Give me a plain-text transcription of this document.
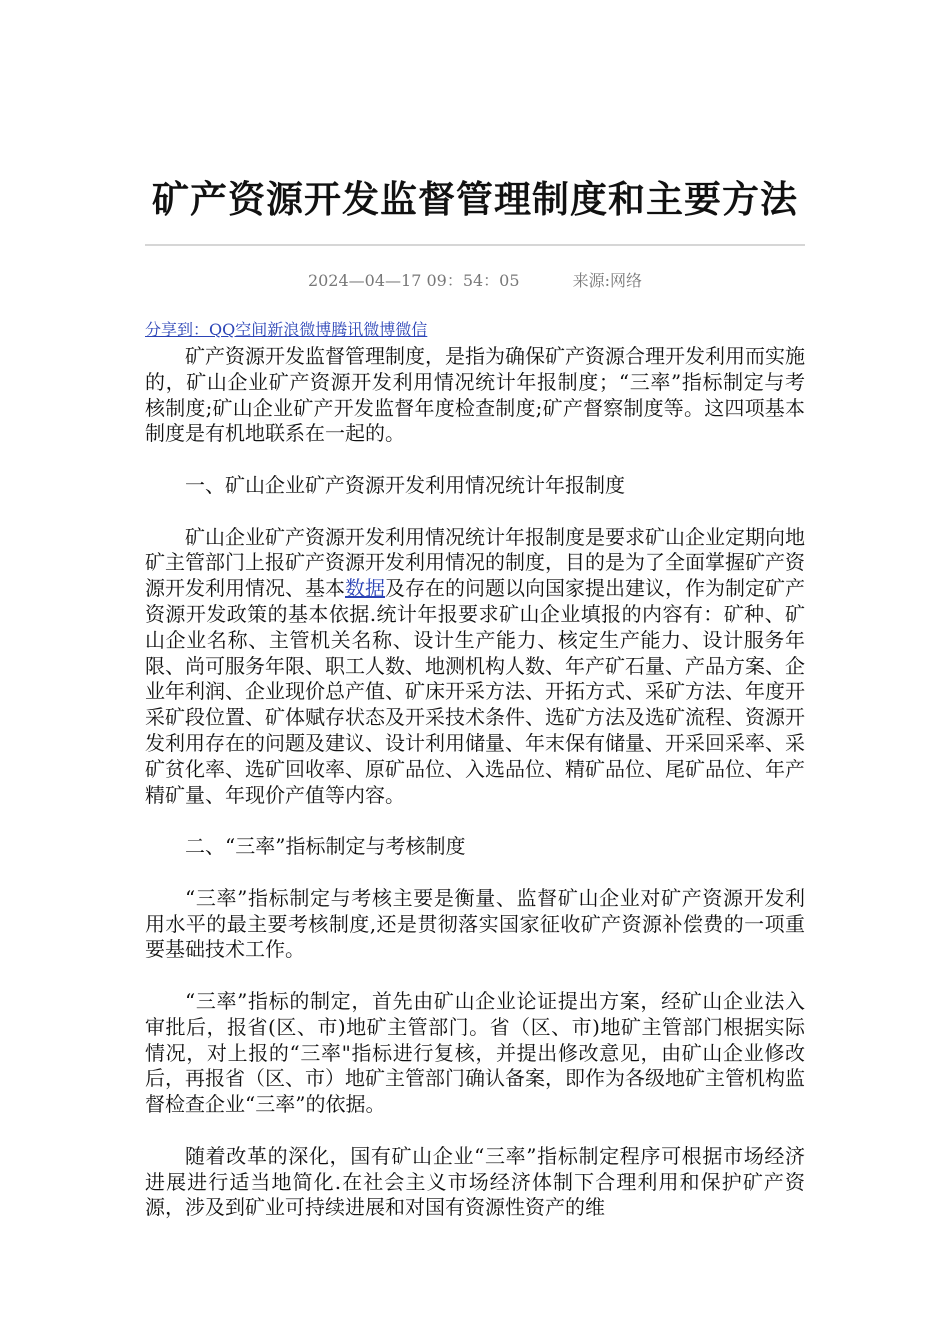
矿产资源开发监督管理制度和主要方法
2024—04—17 09：54：05	来源:网络
分享到：QQ空间新浪微博腾讯微博微信

矿产资源开发监督管理制度，是指为确保矿产资源合理开发利用而实施的，矿山企业矿产资源开发利用情况统计年报制度；“三率”指标制定与考核制度;矿山企业矿产开发监督年度检查制度;矿产督察制度等。这四项基本制度是有机地联系在一起的。

一、矿山企业矿产资源开发利用情况统计年报制度

矿山企业矿产资源开发利用情况统计年报制度是要求矿山企业定期向地矿主管部门上报矿产资源开发利用情况的制度，目的是为了全面掌握矿产资源开发利用情况、基本数据及存在的问题以向国家提出建议，作为制定矿产资源开发政策的基本依据.统计年报要求矿山企业填报的内容有：矿种、矿山企业名称、主管机关名称、设计生产能力、核定生产能力、设计服务年限、尚可服务年限、职工人数、地测机构人数、年产矿石量、产品方案、企业年利润、企业现价总产值、矿床开采方法、开拓方式、采矿方法、年度开采矿段位置、矿体赋存状态及开采技术条件、选矿方法及选矿流程、资源开发利用存在的问题及建议、设计利用储量、年末保有储量、开采回采率、采矿贫化率、选矿回收率、原矿品位、入选品位、精矿品位、尾矿品位、年产精矿量、年现价产值等内容。

二、“三率”指标制定与考核制度

“三率”指标制定与考核主要是衡量、监督矿山企业对矿产资源开发利用水平的最主要考核制度,还是贯彻落实国家征收矿产资源补偿费的一项重要基础技术工作。

“三率”指标的制定，首先由矿山企业论证提出方案，经矿山企业法入审批后，报省(区、市)地矿主管部门。省（区、市)地矿主管部门根据实际情况，对上报的“三率"指标进行复核，并提出修改意见，由矿山企业修改后，再报省（区、市）地矿主管部门确认备案，即作为各级地矿主管机构监督检查企业“三率”的依据。

随着改革的深化，国有矿山企业“三率”指标制定程序可根据市场经济进展进行适当地简化.在社会主义市场经济体制下合理利用和保护矿产资源，涉及到矿业可持续进展和对国有资源性资产的维
